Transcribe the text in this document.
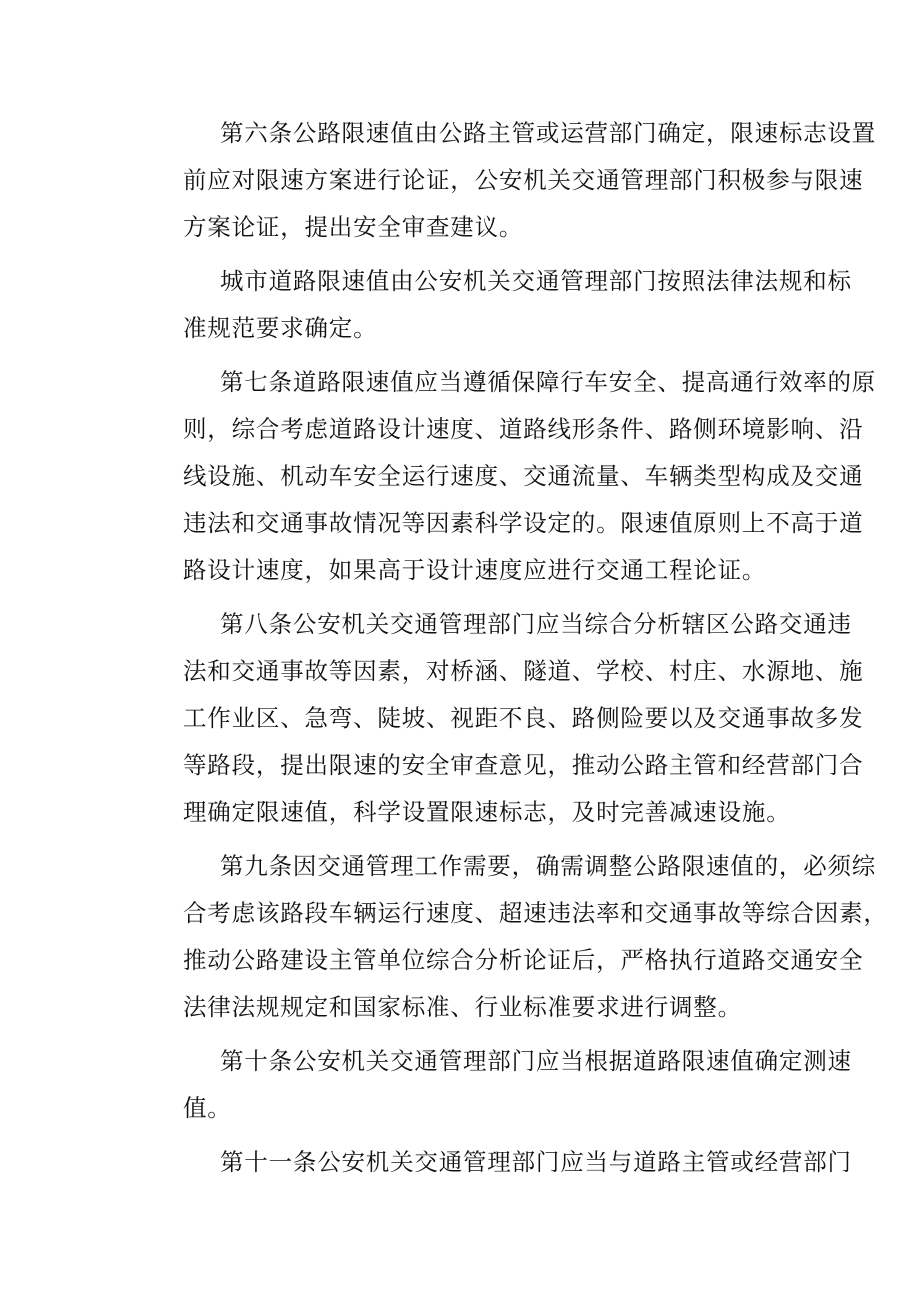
第六条公路限速值由公路主管或运营部门确定，限速标志设置
前应对限速方案进行论证，公安机关交通管理部门积极参与限速
方案论证，提出安全审查建议。
城市道路限速值由公安机关交通管理部门按照法律法规和标
准规范要求确定。
第七条道路限速值应当遵循保障行车安全、提高通行效率的原
则，综合考虑道路设计速度、道路线形条件、路侧环境影响、沿
线设施、机动车安全运行速度、交通流量、车辆类型构成及交通
违法和交通事故情况等因素科学设定的。限速值原则上不高于道
路设计速度，如果高于设计速度应进行交通工程论证。
第八条公安机关交通管理部门应当综合分析辖区公路交通违
法和交通事故等因素，对桥涵、隧道、学校、村庄、水源地、施
工作业区、急弯、陡坡、视距不良、路侧险要以及交通事故多发
等路段，提出限速的安全审查意见，推动公路主管和经营部门合
理确定限速值，科学设置限速标志，及时完善减速设施。
第九条因交通管理工作需要，确需调整公路限速值的，必须综
合考虑该路段车辆运行速度、超速违法率和交通事故等综合因素，
推动公路建设主管单位综合分析论证后，严格执行道路交通安全
法律法规规定和国家标准、行业标准要求进行调整。
第十条公安机关交通管理部门应当根据道路限速值确定测速
值。
第十一条公安机关交通管理部门应当与道路主管或经营部门
